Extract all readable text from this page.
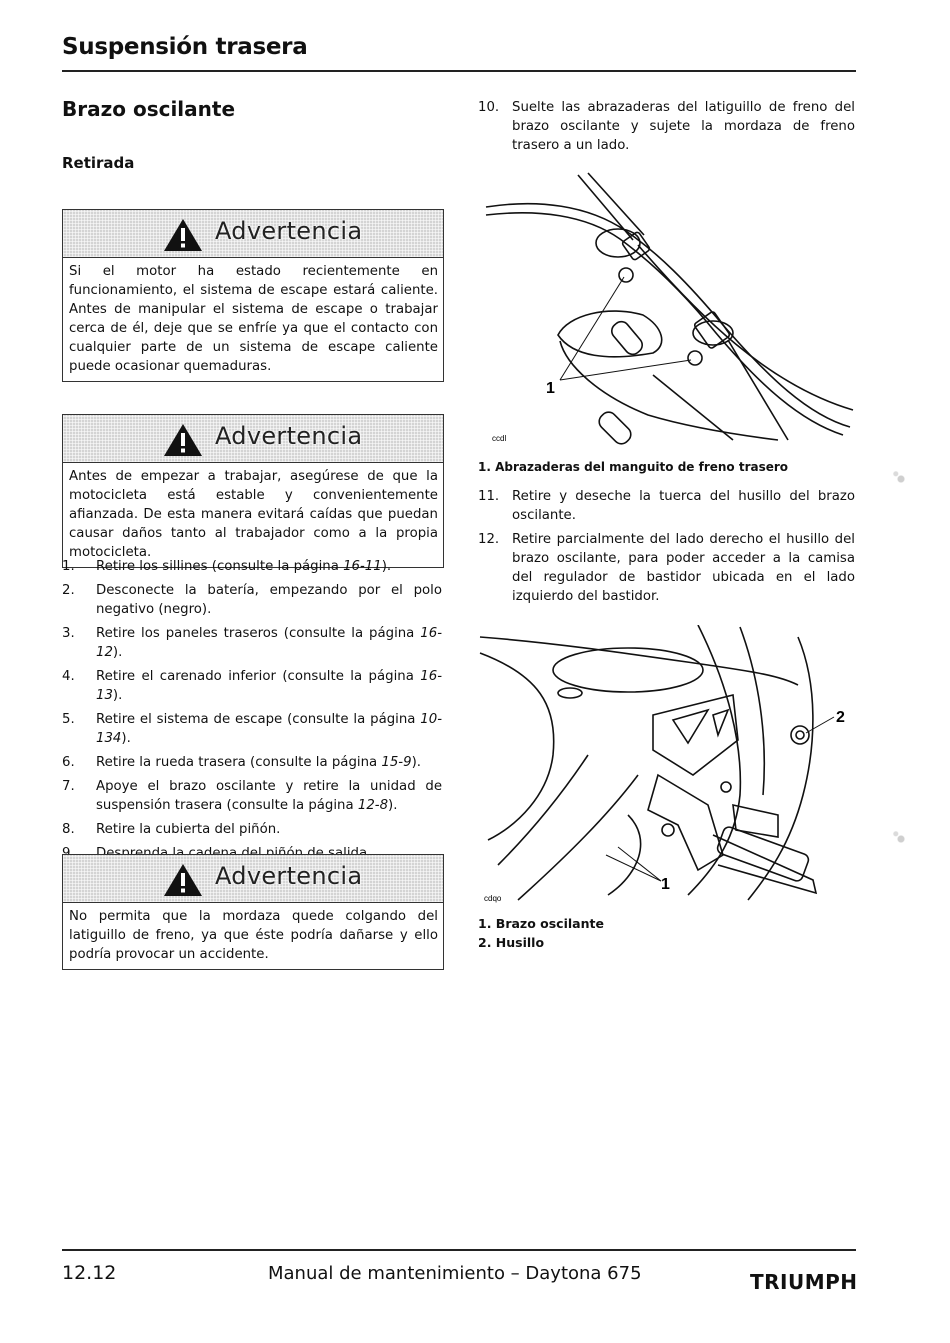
Suspensión trasera
Brazo oscilante
Retirada
Advertencia
Si el motor ha estado recientemente en funcionamiento, el sistema de escape estará caliente. Antes de manipular el sistema de escape o trabajar cerca de él, deje que se enfríe ya que el contacto con cualquier parte de un sistema de escape caliente puede ocasionar quemaduras.
Advertencia
Antes de empezar a trabajar, asegúrese de que la motocicleta está estable y convenientemente afianzada. De esta manera evitará caídas que puedan causar daños tanto al trabajador como a la propia motocicleta.
1. Retire los sillines (consulte la página 16-11).
2. Desconecte la batería, empezando por el polo negativo (negro).
3. Retire los paneles traseros (consulte la página 16-12).
4. Retire el carenado inferior (consulte la página 16-13).
5. Retire el sistema de escape (consulte la página 10-134).
6. Retire la rueda trasera (consulte la página 15-9).
7. Apoye el brazo oscilante y retire la unidad de suspensión trasera (consulte la página 12-8).
8. Retire la cubierta del piñón.
Advertencia
No permita que la mordaza quede colgando del latiguillo de freno, ya que éste podría dañarse y ello podría provocar un accidente.
10. Suelte las abrazaderas del latiguillo de freno del brazo oscilante y sujete la mordaza de freno trasero a un lado.
1
ccdl
1. Abrazaderas del manguito de freno trasero
11. Retire y deseche la tuerca del husillo del brazo oscilante.
12. Retire parcialmente del lado derecho el husillo del brazo oscilante, para poder acceder a la camisa del regulador de bastidor ubicada en el lado izquierdo del bastidor.
2
1
cdqo
1. Brazo oscilante
2. Husillo
12.12	Manual de mantenimiento – Daytona 675	TRIUMPH
